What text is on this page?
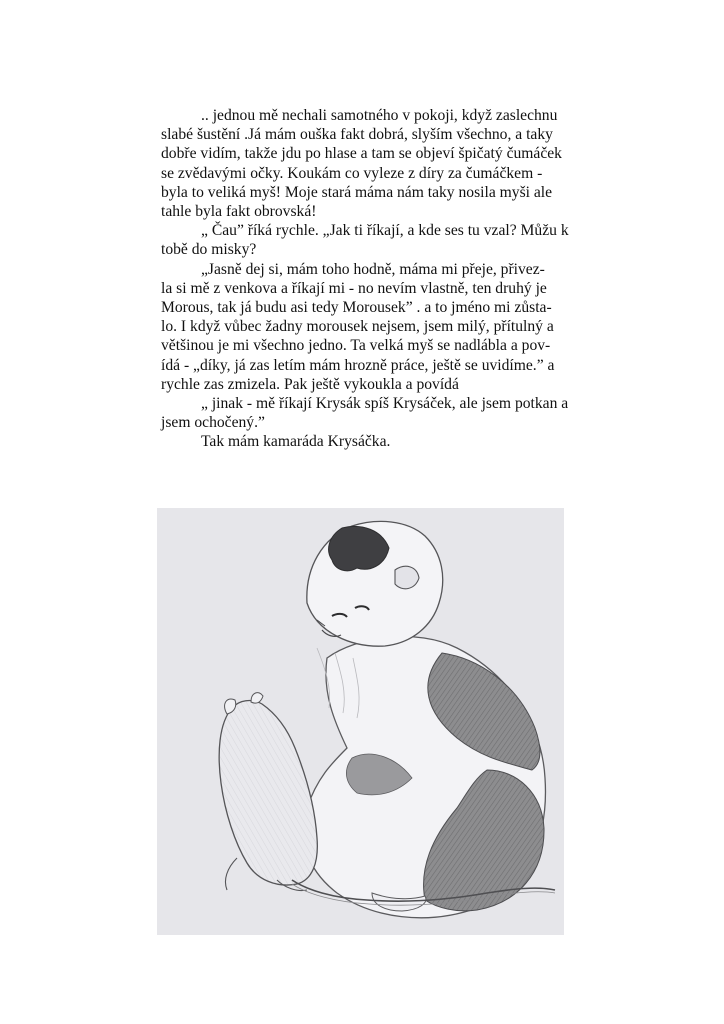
.. jednou mě nechali samotného v pokoji, když zaslechnu
slabé šustění .Já mám ouška fakt dobrá, slyším všechno, a taky
dobře vidím, takže jdu po hlase a tam se objeví špičatý čumáček
se zvědavými očky. Koukám co vyleze z díry za čumáčkem -
byla to veliká myš! Moje stará máma nám taky nosila myši ale
tahle byla fakt obrovská!
„ Čau” říká rychle. „Jak ti říkají, a kde ses tu vzal? Můžu k
tobě do misky?
„Jasně dej si, mám toho hodně, máma mi přeje, přivez-
la si mě z venkova a říkají mi - no nevím vlastně, ten druhý je
Morous, tak já budu asi tedy Morousek” . a to jméno mi zůsta-
lo. I když vůbec žadny morousek nejsem, jsem milý, přítulný a
většinou je mi všechno jedno. Ta velká myš se nadlábla a pov-
ídá - „díky, já zas letím mám hrozně práce, ještě se uvidíme.” a
rychle zas zmizela. Pak ještě vykoukla a povídá
„ jinak - mě říkají Krysák spíš Krysáček, ale jsem potkan a
jsem ochočený.”
Tak mám kamaráda Krysáčka.
